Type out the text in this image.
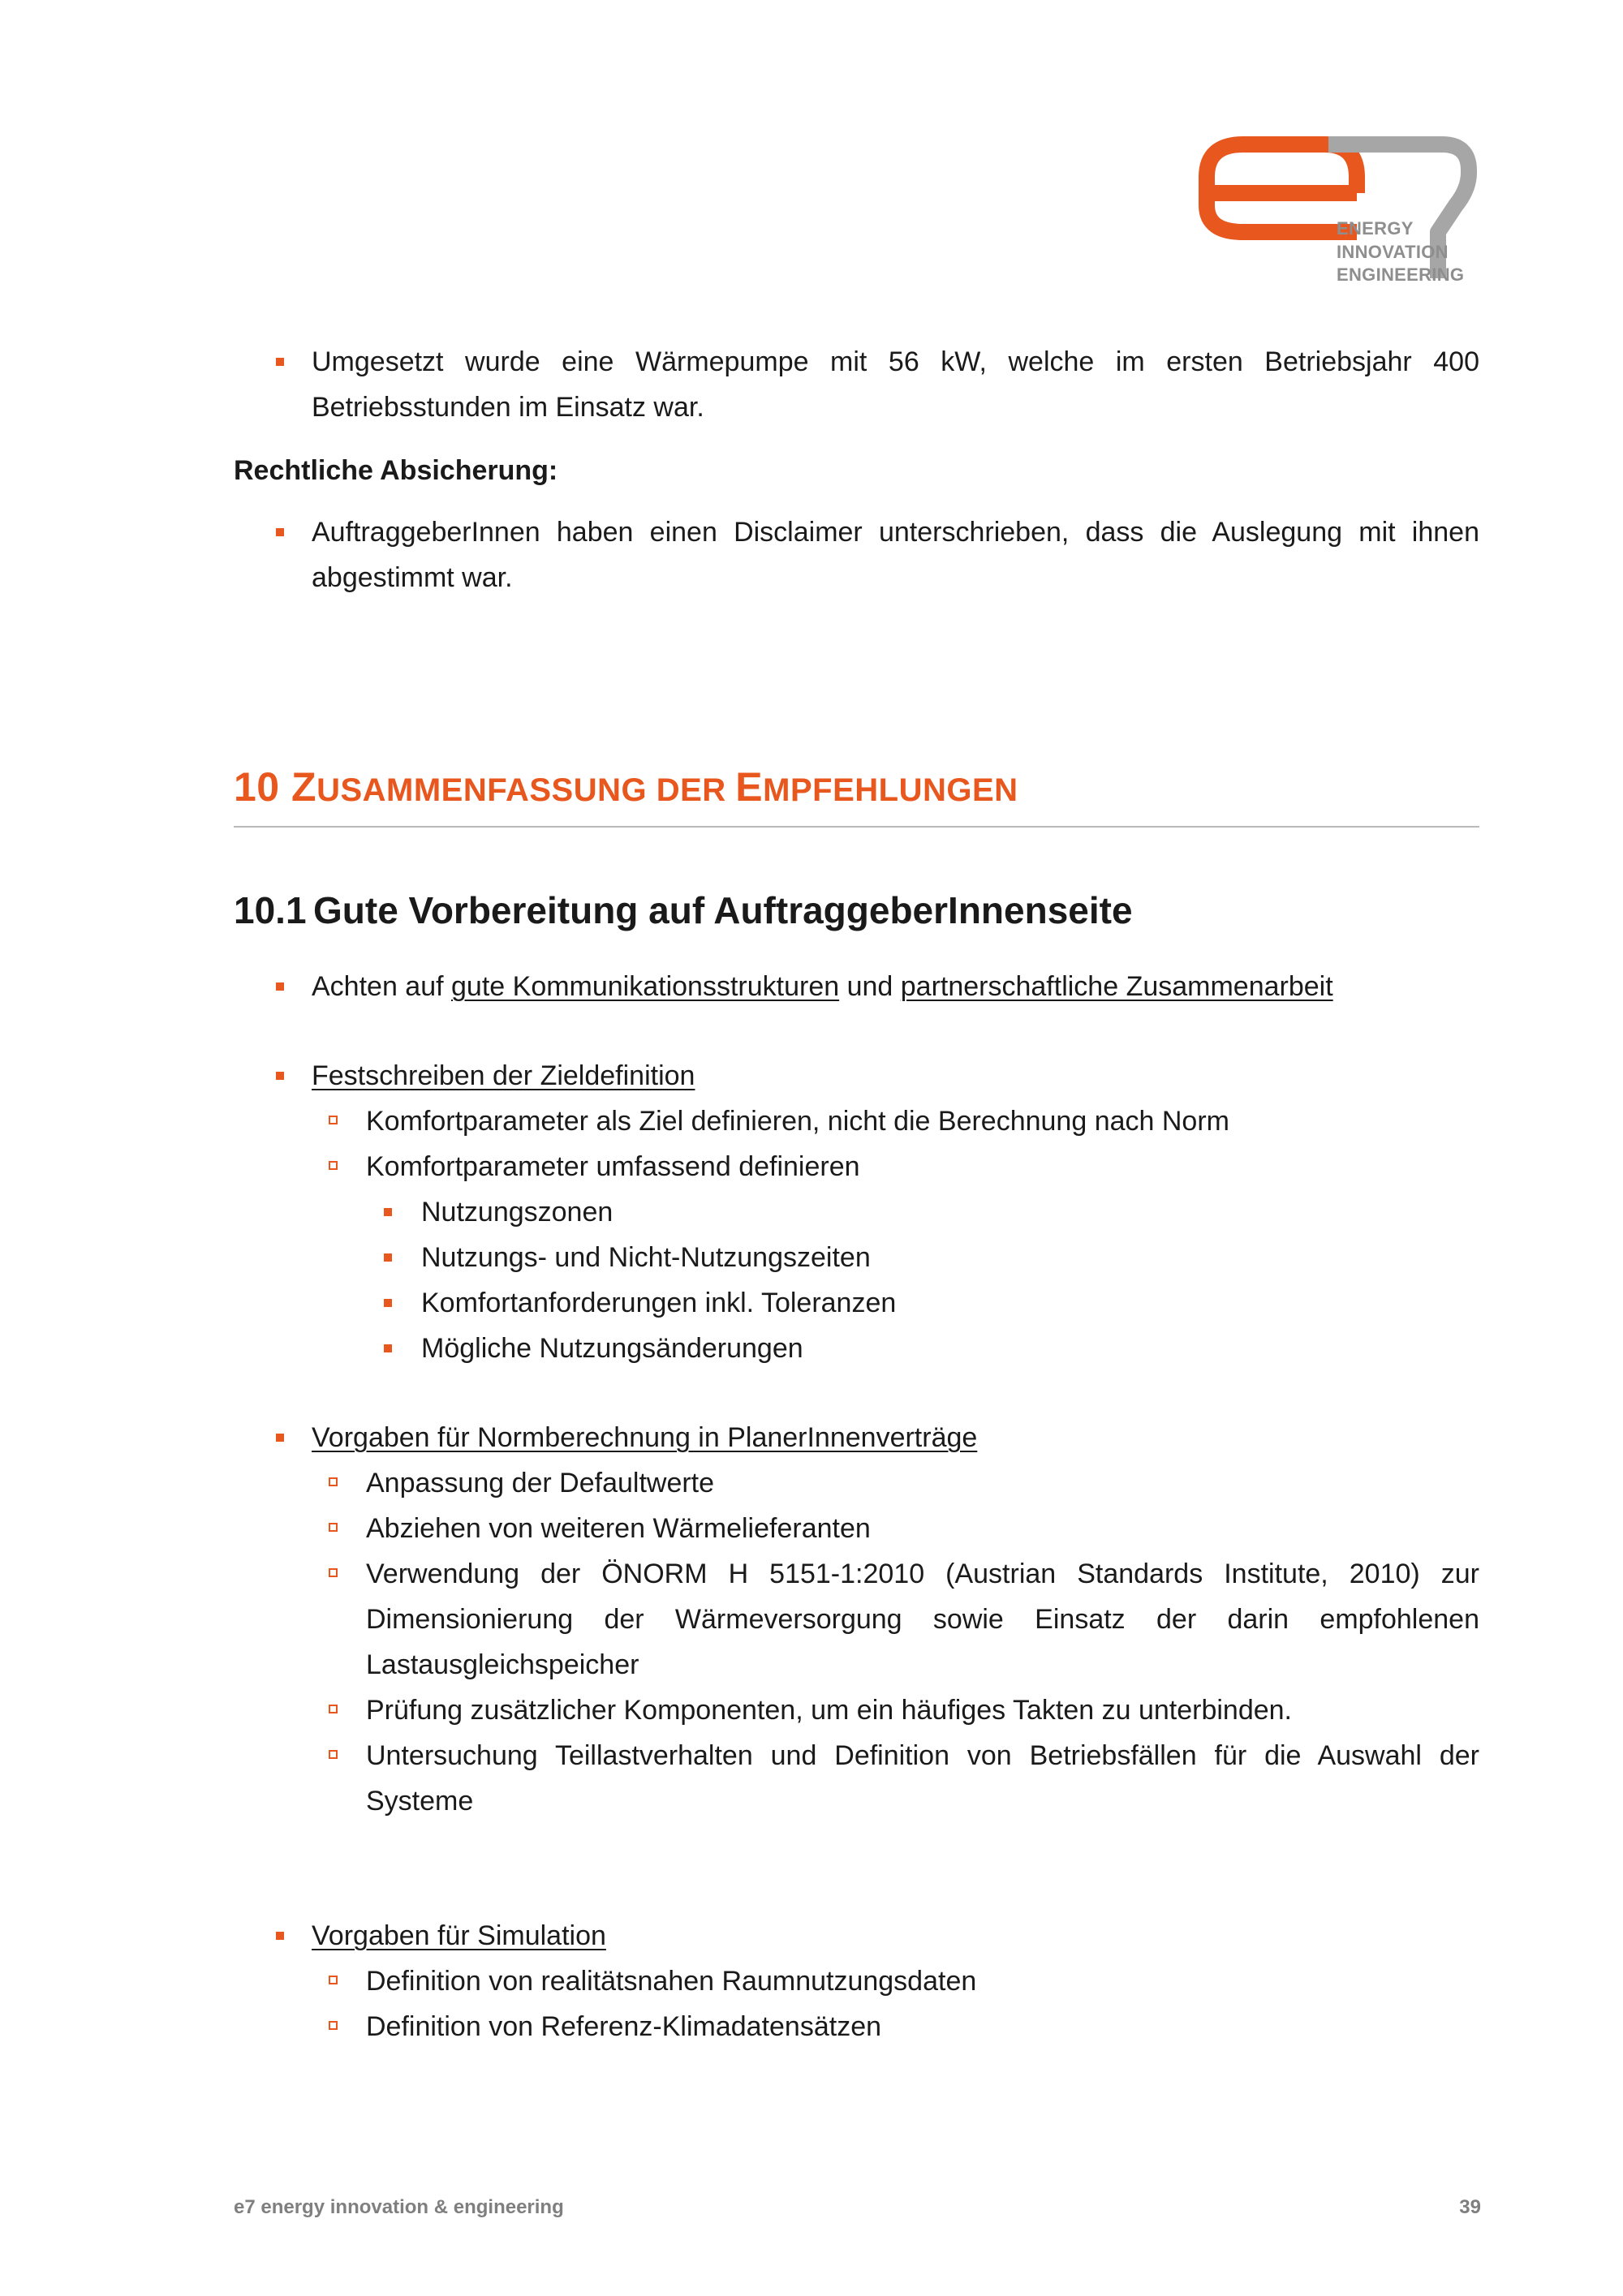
ENERGY
INNOVATION
ENGINEERING

Umgesetzt wurde eine Wärmepumpe mit 56 kW, welche im ersten Betriebsjahr 400 Betriebsstunden im Einsatz war.

Rechtliche Absicherung:

AuftraggeberInnen haben einen Disclaimer unterschrieben, dass die Auslegung mit ihnen abgestimmt war.

10 ZUSAMMENFASSUNG DER EMPFEHLUNGEN
10.1 Gute Vorbereitung auf AuftraggeberInnenseite

Achten auf gute Kommunikationsstrukturen und partnerschaftliche Zusammenarbeit

Festschreiben der Zieldefinition

Komfortparameter als Ziel definieren, nicht die Berechnung nach Norm

Komfortparameter umfassend definieren

Nutzungszonen

Nutzungs- und Nicht-Nutzungszeiten

Komfortanforderungen inkl. Toleranzen

Mögliche Nutzungsänderungen

Vorgaben für Normberechnung in PlanerInnenverträge

Anpassung der Defaultwerte

Abziehen von weiteren Wärmelieferanten

Verwendung der ÖNORM H 5151-1:2010 (Austrian Standards Institute, 2010) zur Dimensionierung der Wärmeversorgung sowie Einsatz der darin empfohlenen Lastausgleichspeicher

Prüfung zusätzlicher Komponenten, um ein häufiges Takten zu unterbinden.

Untersuchung Teillastverhalten und Definition von Betriebsfällen für die Auswahl der Systeme

Vorgaben für Simulation

Definition von realitätsnahen Raumnutzungsdaten

Definition von Referenz-Klimadatensätzen

e7 energy innovation & engineering	39
